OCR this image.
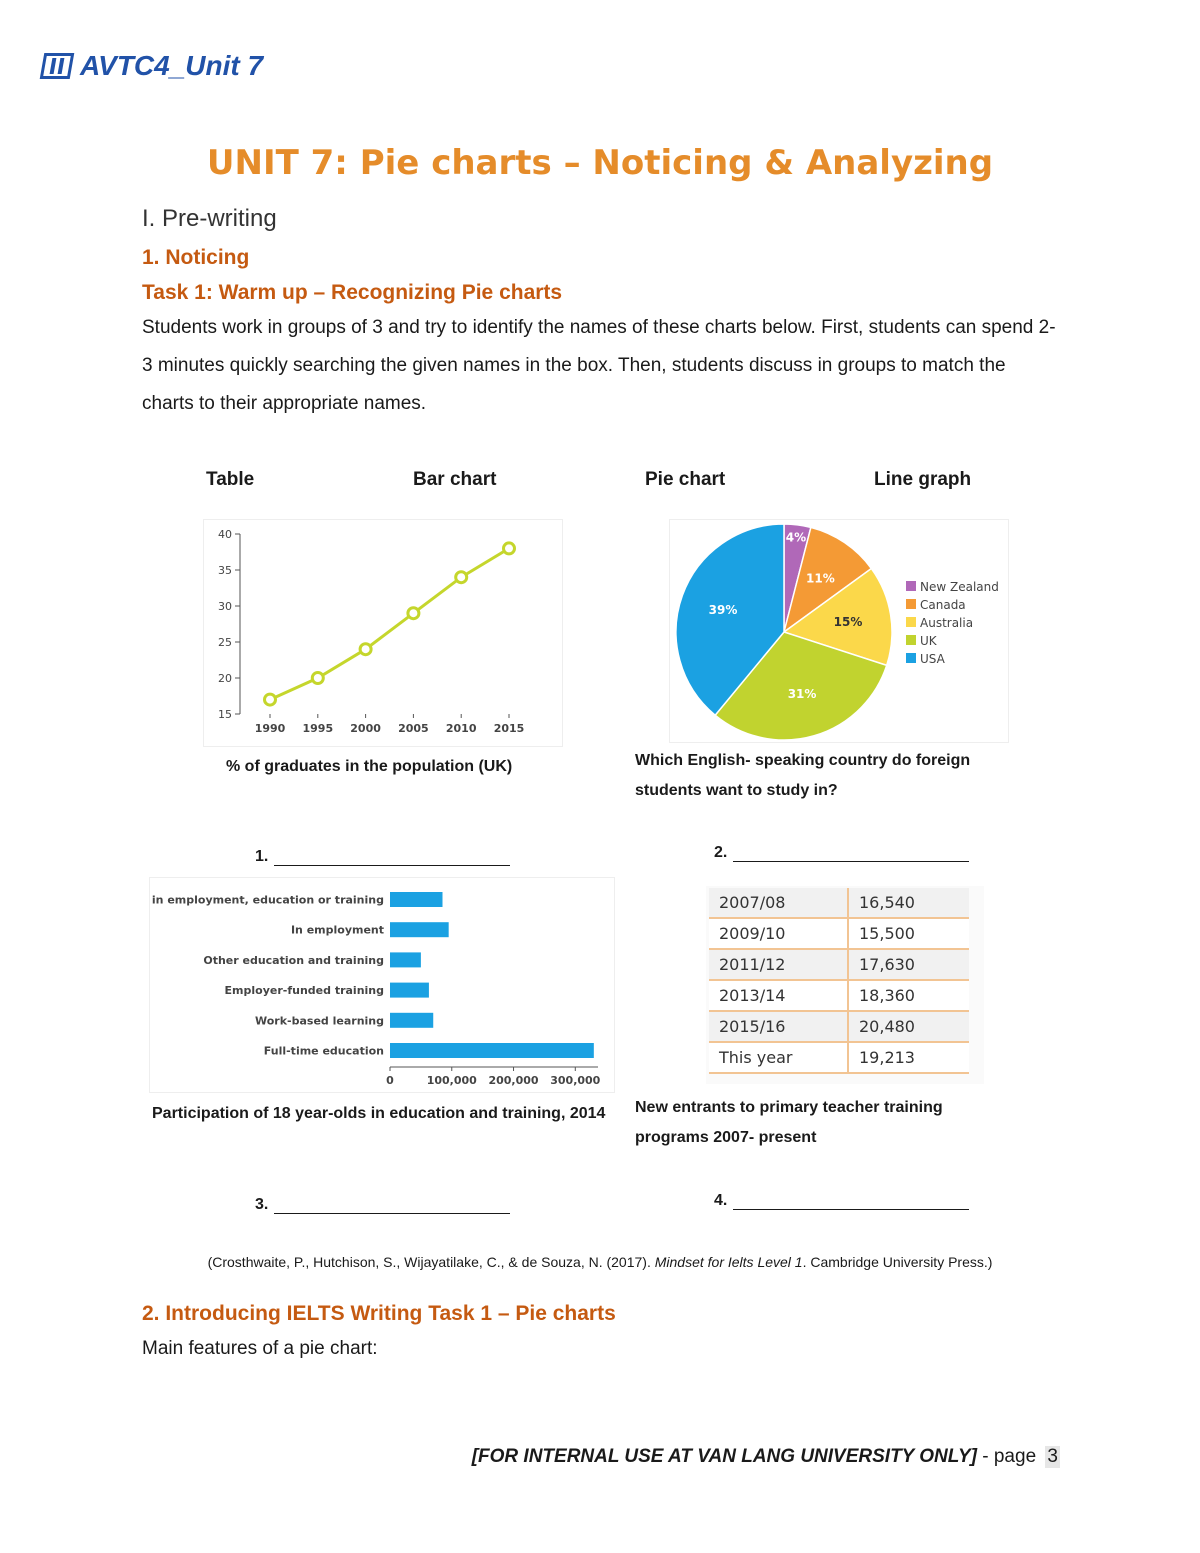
AVTC4_Unit 7
UNIT 7: Pie charts – Noticing & Analyzing
I. Pre-writing
1. Noticing
Task 1: Warm up – Recognizing Pie charts
Students work in groups of 3 and try to identify the names of these charts below. First, students can spend 2- 3 minutes quickly searching the given names in the box. Then, students discuss in groups to match the charts to their appropriate names.
Table	Bar chart	Pie chart	Line graph
15
20
25
30
35
40
1990 1995 2000 2005 2010 2015
% of graduates in the population (UK)
4%
11%
15%
31%
39%
New Zealand
Canada
Australia
UK
USA
Which English- speaking country do foreign students want to study in?
1.	2.
Not in employment, education or training
In employment
Other education and training
Employer-funded training
Work-based learning
Full-time education
0	100,000 200,000 300,000
Participation of 18 year-olds in education and training, 2014
2007/08	16,540
2009/10	15,500
2011/12	17,630
2013/14	18,360
2015/16	20,480
This year	19,213
New entrants to primary teacher training programs 2007- present
3.	4.
(Crosthwaite, P., Hutchison, S., Wijayatilake, C., & de Souza, N. (2017). Mindset for Ielts Level 1. Cambridge University Press.)
2. Introducing IELTS Writing Task 1 – Pie charts
Main features of a pie chart:
[FOR INTERNAL USE AT VAN LANG UNIVERSITY ONLY] - page 3
